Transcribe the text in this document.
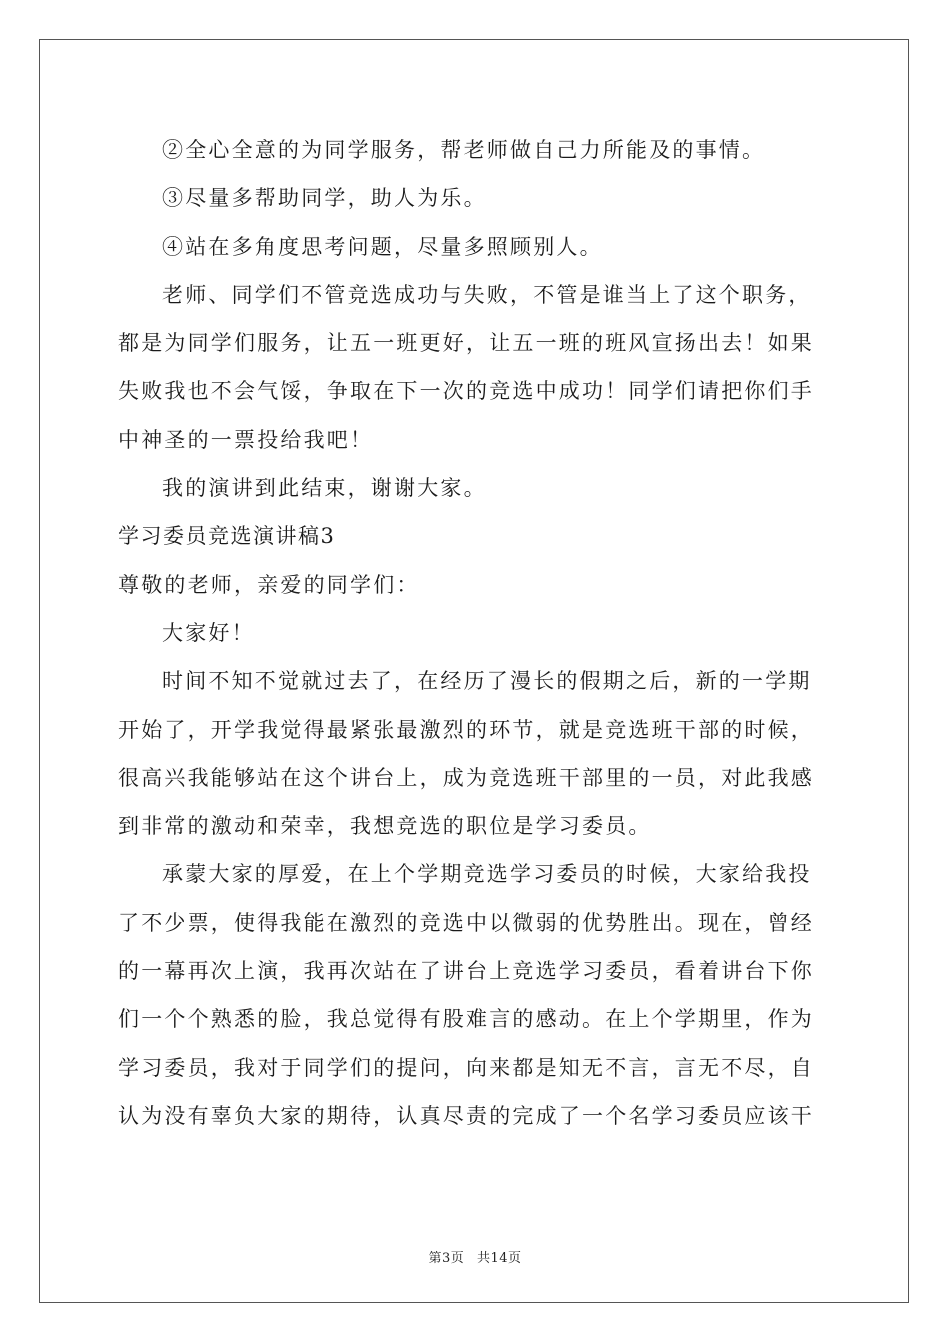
②全心全意的为同学服务，帮老师做自己力所能及的事情。

③尽量多帮助同学，助人为乐。

④站在多角度思考问题，尽量多照顾别人。

老师、同学们不管竞选成功与失败，不管是谁当上了这个职务，

都是为同学们服务，让五一班更好，让五一班的班风宣扬出去！如果

失败我也不会气馁，争取在下一次的竞选中成功！同学们请把你们手

中神圣的一票投给我吧！

我的演讲到此结束，谢谢大家。

学习委员竞选演讲稿3

尊敬的老师，亲爱的同学们：

大家好！

时间不知不觉就过去了，在经历了漫长的假期之后，新的一学期

开始了，开学我觉得最紧张最激烈的环节，就是竞选班干部的时候，

很高兴我能够站在这个讲台上，成为竞选班干部里的一员，对此我感

到非常的激动和荣幸，我想竞选的职位是学习委员。

承蒙大家的厚爱，在上个学期竞选学习委员的时候，大家给我投

了不少票，使得我能在激烈的竞选中以微弱的优势胜出。现在，曾经

的一幕再次上演，我再次站在了讲台上竞选学习委员，看着讲台下你

们一个个熟悉的脸，我总觉得有股难言的感动。在上个学期里，作为

学习委员，我对于同学们的提问，向来都是知无不言，言无不尽，自

认为没有辜负大家的期待，认真尽责的完成了一个名学习委员应该干

第3页 共14页
